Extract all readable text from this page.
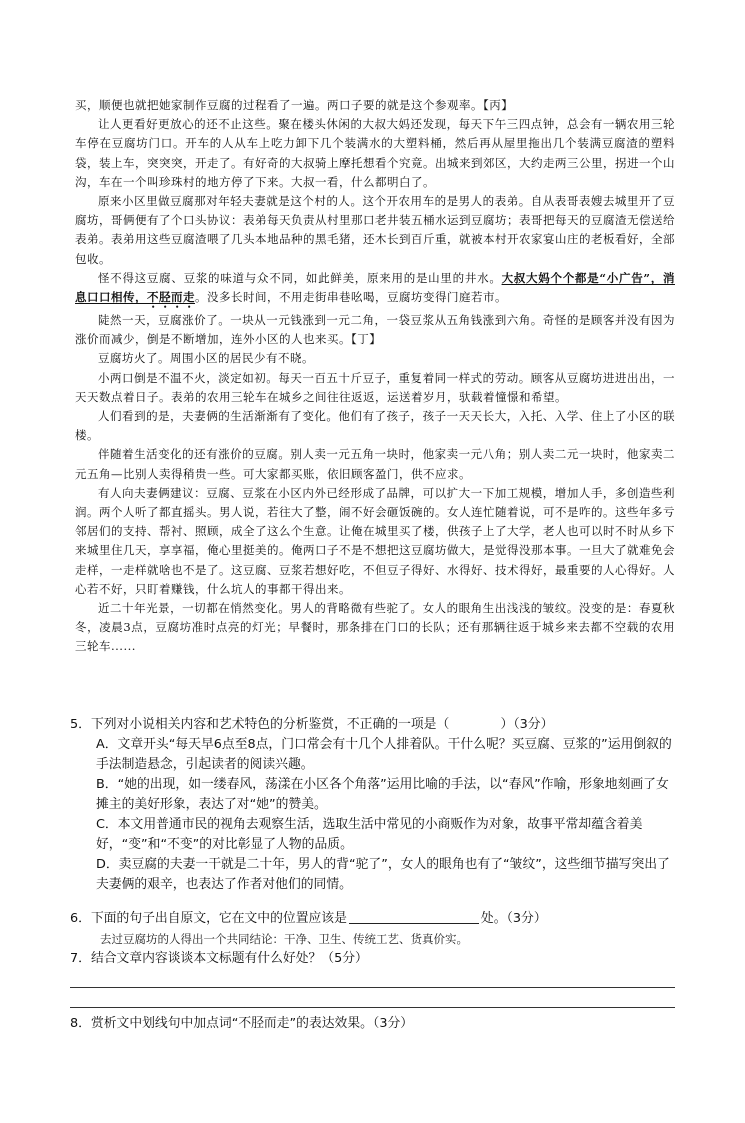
买，顺便也就把她家制作豆腐的过程看了一遍。两口子要的就是这个参观率。【丙】

让人更看好更放心的还不止这些。聚在楼头休闲的大叔大妈还发现，每天下午三四点钟，总会有一辆农用三轮车停在豆腐坊门口。开车的人从车上吃力卸下几个装满水的大塑料桶，然后再从屋里拖出几个装满豆腐渣的塑料袋，装上车，突突突，开走了。有好奇的大叔骑上摩托想看个究竟。出城来到郊区，大约走两三公里，拐进一个山沟，车在一个叫珍珠村的地方停了下来。大叔一看，什么都明白了。

原来小区里做豆腐那对年轻夫妻就是这个村的人。这个开农用车的是男人的表弟。自从表哥表嫂去城里开了豆腐坊，哥俩便有了个口头协议：表弟每天负责从村里那口老井装五桶水运到豆腐坊；表哥把每天的豆腐渣无偿送给表弟。表弟用这些豆腐渣喂了几头本地品种的黑毛猪，还木长到百斤重，就被本村开农家宴山庄的老板看好，全部包收。

怪不得这豆腐、豆浆的味道与众不同，如此鲜美，原来用的是山里的井水。大叔大妈个个都是“小广告”，消息口口相传，不胫而走。没多长时间，不用走街串巷吆喝，豆腐坊变得门庭若市。

陡然一天，豆腐涨价了。一块从一元钱涨到一元二角，一袋豆浆从五角钱涨到六角。奇怪的是顾客并没有因为涨价而减少，倒是不断增加，连外小区的人也来买。【丁】

豆腐坊火了。周围小区的居民少有不晓。

小两口倒是不温不火，淡定如初。每天一百五十斤豆子，重复着同一样式的劳动。顾客从豆腐坊进进出出，一天天数点着日子。表弟的农用三轮车在城乡之间往往返返，运送着岁月，驮载着憧憬和希望。

人们看到的是，夫妻俩的生活渐渐有了变化。他们有了孩子，孩子一天天长大，入托、入学、住上了小区的联楼。

伴随着生活变化的还有涨价的豆腐。别人卖一元五角一块时，他家卖一元八角；别人卖二元一块时，他家卖二元五角—比别人卖得稍贵一些。可大家都买账，依旧顾客盈门，供不应求。

有人向夫妻俩建议：豆腐、豆浆在小区内外已经形成了品牌，可以扩大一下加工规模，增加人手，多创造些利润。两个人听了都直摇头。男人说，若往大了整，闹不好会砸饭碗的。女人连忙随着说，可不是咋的。这些年多亏邻居们的支持、帮衬、照顾，成全了这么个生意。让俺在城里买了楼，供孩子上了大学，老人也可以时不时从乡下来城里住几天，享享福，俺心里挺美的。俺两口子不是不想把这豆腐坊做大，是觉得没那本事。一旦大了就难免会走样，一走样就啥也不是了。这豆腐、豆浆若想好吃，不但豆子得好、水得好、技术得好，最重要的人心得好。人心若不好，只盯着赚钱，什么坑人的事都干得出来。

近二十年光景，一切都在悄然变化。男人的背略微有些驼了。女人的眼角生出浅浅的皱纹。没变的是：春夏秋冬，凌晨3点，豆腐坊准时点亮的灯光；早餐时，那条排在门口的长队；还有那辆往返于城乡来去都不空载的农用三轮车......

5．下列对小说相关内容和艺术特色的分析鉴赏，不正确的一项是（　　　　）（3分）

A．文章开头“每天早6点至8点，门口常会有十几个人排着队。干什么呢？买豆腐、豆浆的”运用倒叙的手法制造悬念，引起读者的阅读兴趣。

B．“她的出现，如一缕春风，荡漾在小区各个角落”运用比喻的手法，以“春风”作喻，形象地刻画了女摊主的美好形象，表达了对“她”的赞美。

C．本文用普通市民的视角去观察生活，选取生活中常见的小商贩作为对象，故事平常却蕴含着美好，“变”和“不变”的对比彰显了人物的品质。

D．卖豆腐的夫妻一干就是二十年，男人的背“驼了”，女人的眼角也有了“皱纹”，这些细节描写突出了夫妻俩的艰辛，也表达了作者对他们的同情。

6．下面的句子出自原文，它在文中的位置应该是	处。（3分）

去过豆腐坊的人得出一个共同结论：干净、卫生、传统工艺、货真价实。

7．结合文章内容谈谈本文标题有什么好处？（5分）

8．赏析文中划线句中加点词“不胫而走”的表达效果。（3分）
